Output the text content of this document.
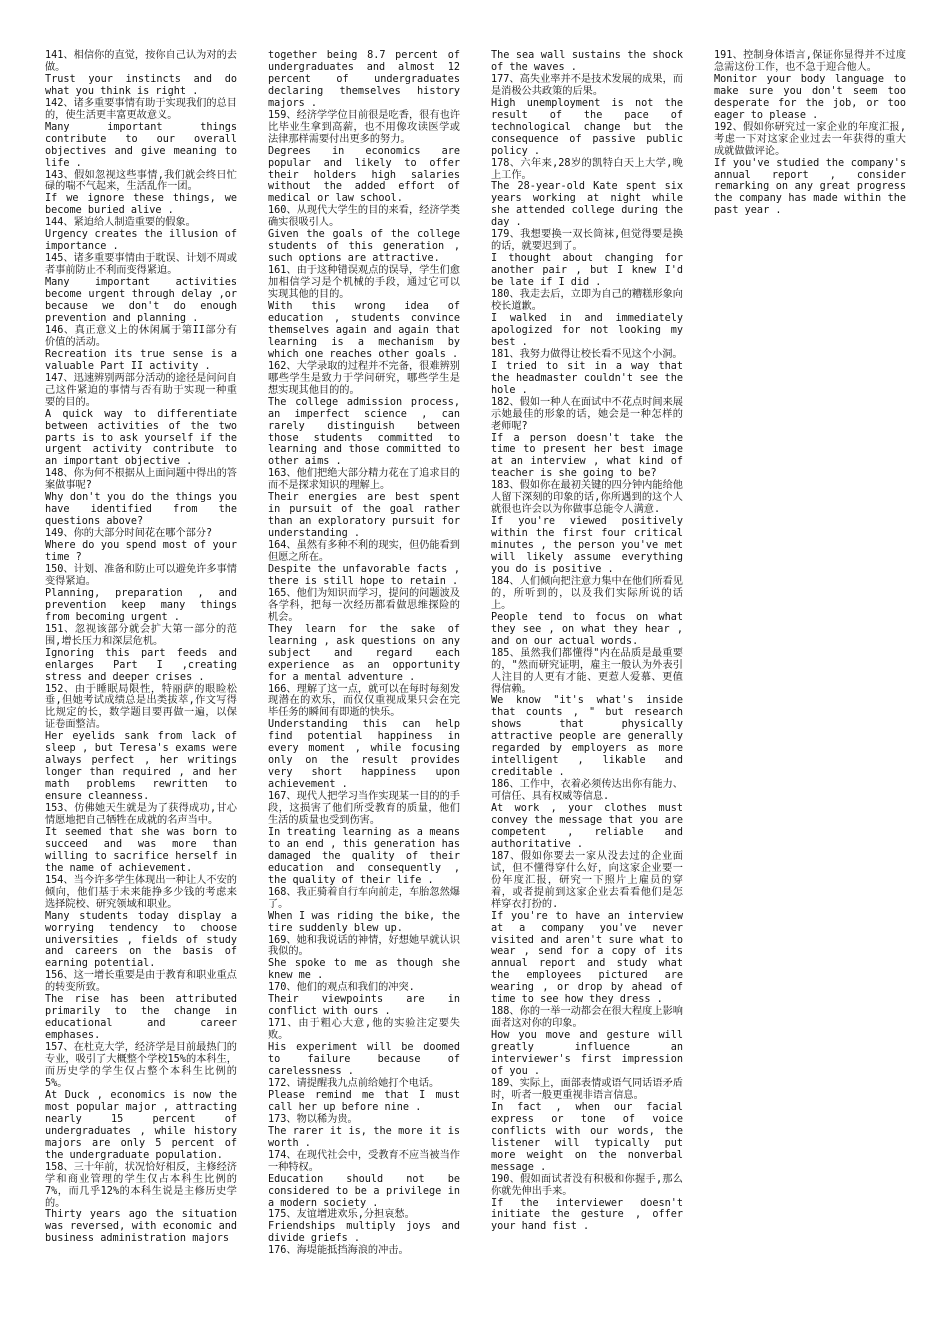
141、相信你的直觉，按你自己认为对的去做。

Trust your instincts and do what you think is right .

142、诸多重要事情有助于实现我们的总目的，使生活更丰富更故意义。

Many important things contribute to our overall objectives and give meaning to life .

143、假如忽视这些事情,我们就会终日忙碌的喘不气起来，生活乱作一团。

If we ignore these things, we become buried alive .

144、紧迫给人制造重要的假象。

Urgency creates the illusion of importance .

145、诸多重要事情由于耽误、计划不周或者事前防止不利而变得紧迫。

Many important activities become urgent through delay ,or because we don't do enough prevention and planning .

146、真正意义上的休闲属于第II部分有价值的活动。

Recreation its true sense is a valuable Part II activity .

147、迅速辨别两部分活动的途径是问问自己这件紧迫的事情与否有助于实现一种重要的目的。

A quick way to differentiate between activities of the two parts is to ask yourself if the urgent activity contribute to an important objective .

148、你为何不根据从上面问题中得出的答案做事呢?

Why don't you do the things you have identified from the questions above?

149、你的大部分时间花在哪个部分?

Where do you spend most of your time ?

150、计划、准备和防止可以避免许多事情变得紧迫。

Planning, preparation , and prevention keep many things from becoming urgent .

151、忽视该部分就会扩大第一部分的范围,增长压力和深层危机。

Ignoring this part feeds and enlarges Part I ,creating stress and deeper crises .

152、由于睡眠局限性，特丽萨的眼睑松垂,但她考试成绩总是出类拔萃,作文写得比规定的长，数学题目要再做一遍，以保证卷面整洁。

Her eyelids sank from lack of sleep , but Teresa's exams were always perfect , her writings longer than required , and her math problems rewritten to ensure cleanness.

153、仿佛她天生就是为了获得成功,甘心情愿地把自己牺牲在成就的名声当中。

It seemed that she was born to succeed and was more than willing to sacrifice herself in the name of achievement.

154、当今许多学生体现出一种让人不安的倾向，他们基于未来能挣多少钱的考虑来选择院校、研究领域和职业。

Many students today display a worrying tendency to choose universities , fields of study and careers on the basis of earning potential.

156、这一增长重要是由于教育和职业重点的转变所致。

The rise has been attributed primarily to the change in educational and career emphases.

157、在杜克大学，经济学是目前最热门的专业，吸引了大概整个学校15%的本科生，而历史学的学生仅占整个本科生比例的5%。

At Duck , economics is now the most popular major , attracting nearly 15 percent of undergraduates , while history majors are only 5 percent of the undergraduate population.

158、三十年前，状况恰好相反，主修经济学和商业管理的学生仅占本科生比例的7%，而几乎12%的本科生说是主修历史学的。

Thirty years ago the situation was reversed, with economic and business administration majors

together being 8.7 percent of undergraduates and almost 12 percent of undergraduates declaring themselves history majors .

159、经济学学位目前很是吃香，很有也许比毕业生拿到高薪，也不用像攻读医学或法律那样需要付出更多的努力。

Degrees in economics are popular and likely to offer their holders high salaries without the added effort of medical or law school.

160、从现代大学生的目的来看，经济学类确实很吸引人。

Given the goals of the college students of this generation , such options are attractive.

161、由于这种错误观点的误导，学生们愈加相信学习是个机械的手段，通过它可以实现其他的目的。

With this wrong idea of education , students convince themselves again and again that learning is a mechanism by which one reaches other goals .

162、大学录取的过程并不完备，很难辨别哪些学生是致力于学问研究，哪些学生是想实现其他目的的。

The college admission process, an imperfect science , can rarely distinguish between those students committed to learning and those committed to other aims .

163、他们把绝大部分精力花在了追求目的而不是探求知识的理解上。

Their energies are best spent in pursuit of the goal rather than an exploratory pursuit for understanding .

164、虽然有多种不利的现实，但仍能看到但愿之所在。

Despite the unfavorable facts , there is still hope to retain .

165、他们为知识而学习，提问的问题波及各学科，把每一次经历都看做思维探险的机会。

They learn for the sake of learning , ask questions on any subject and regard each experience as an opportunity for a mental adventure .

166、理解了这一点，就可以在每时每刻发现潜在的欢乐，而仅仅重视成果只会在完毕任务的瞬间有即逝的快乐。

Understanding this can help find potential happiness in every moment , while focusing only on the result provides very short happiness upon achievement .

167、现代人把学习当作实现某一目的的手段，这损害了他们所受教育的质量，他们生活的质量也受到伤害。

In treating learning as a means to an end , this generation has damaged the quality of their education and consequently , the quality of their life .

168、我正骑着自行车向前走，车胎忽然爆了。

When I was riding the bike, the tire suddenly blew up.

169、她和我说话的神情，好想她早就认识我似的。

She spoke to me as though she knew me .

170、他们的观点和我们的冲突.

Their viewpoints are in conflict with ours .

171、由于粗心大意,他的实验注定要失败。

His experiment will be doomed to failure because of carelessness .

172、请提醒我九点前给她打个电话。

Please remind me that I must call her up before nine .

173、物以稀为贵。

The rarer it is, the more it is worth .

174、在现代社会中，受教育不应当被当作一种特权。

Education should not be considered to be a privilege in a modern society .

175、友谊增进欢乐,分担哀愁。

Friendships multiply joys and divide griefs .

176、海堤能抵挡海浪的冲击。

The sea wall sustains the shock of the waves .

177、高失业率并不是技术发展的成果，而是消极公共政策的后果。

High unemployment is not the result of the pace of technological change but the consequence of passive public policy .

178、六年来,28岁的凯特白天上大学,晚上工作。

The 28-year-old Kate spent six years working at night while she attended college during the day .

179、我想要换一双长筒袜,但觉得要是换的话，就要迟到了。

I thought about changing for another pair , but I knew I'd be late if I did .

180、我走去后，立即为自己的糟糕形象向校长道歉。

I walked in and immediately apologized for not looking my best .

181、我努力做得让校长看不见这个小洞。

I tried to sit in a way that the headmaster couldn't see the hole .

182、假如一种人在面试中不花点时间来展示她最佳的形象的话，她会是一种怎样的老师呢?

If a person doesn't take the time to present her best image at an interview , what kind of teacher is she going to be?

183、假如你在最初关键的四分钟内能给他人留下深刻的印象的话,你所遇到的这个人就很也许会以为你做事总能令人满意.

If you're viewed positively within the first four critical minutes , the person you've met will likely assume everything you do is positive .

184、人们倾向把注意力集中在他们所看见的，所听到的，以及我们实际所说的话上。

People tend to focus on what they see , on what they hear , and on our actual words.

185、虽然我们都懂得"内在品质是最重要的，"然而研究证明，雇主一般认为外表引人注目的人更有才能、更惹人爱慕、更值得信赖。

We know "it's what's inside that counts , " but research shows that physically attractive people are generally regarded by employers as more intelligent , likable and creditable .

186、工作中，衣着必须传达出你有能力、可信任、具有权威等信息.

At work , your clothes must convey the message that you are competent , reliable and authoritative .

187、假如你要去一家从没去过的企业面试，但不懂得穿什么好，向这家企业要一份年度汇报，研究一下照片上雇员的穿着，或者提前到这家企业去看看他们是怎样穿衣打扮的.

If you're to have an interview at a company you've never visited and aren't sure what to wear , send for a copy of its annual report and study what the employees pictured are wearing , or drop by ahead of time to see how they dress .

188、你的一举一动都会在很大程度上影响面者这对你的印象。

How you move and gesture will greatly influence an interviewer's first impression of you .

189、实际上，面部表情或语气同话语矛盾时，听者一般更重视非语言信息。

In fact , when our facial express or tone of voice conflicts with our words, the listener will typically put more weight on the nonverbal message .

190、假如面试者没有积极和你握手,那么你就先伸出手来。

If the interviewer doesn't initiate the gesture , offer your hand fist .

191、控制身体语言,保证你显得并不过度急需这份工作，也不急于迎合他人。

Monitor your body language to make sure you don't seem too desperate for the job, or too eager to please .

192、假如你研究过一家企业的年度汇报,考虑一下对这家企业过去一年获得的重大成就做做评论。

If you've studied the company's annual report , consider remarking on any great progress the company has made within the past year .
